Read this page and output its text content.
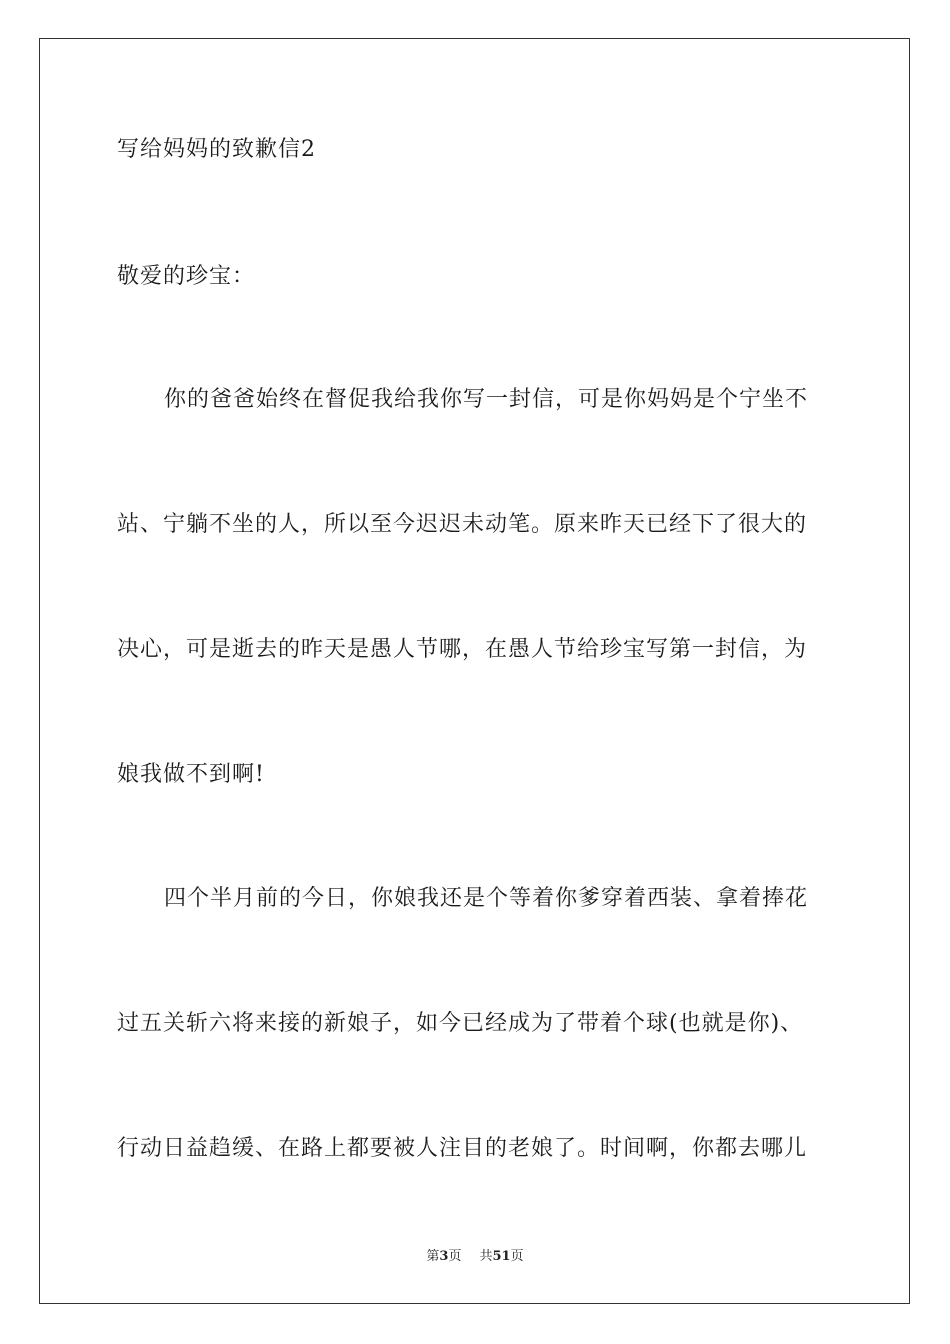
写给妈妈的致歉信2
敬爱的珍宝：
你的爸爸始终在督促我给我你写一封信，可是你妈妈是个宁坐不
站、宁躺不坐的人，所以至今迟迟未动笔。原来昨天已经下了很大的
决心，可是逝去的昨天是愚人节哪，在愚人节给珍宝写第一封信，为
娘我做不到啊!
四个半月前的今日，你娘我还是个等着你爹穿着西装、拿着捧花
过五关斩六将来接的新娘子，如今已经成为了带着个球(也就是你)、
行动日益趋缓、在路上都要被人注目的老娘了。时间啊，你都去哪儿
第3页 共51页
